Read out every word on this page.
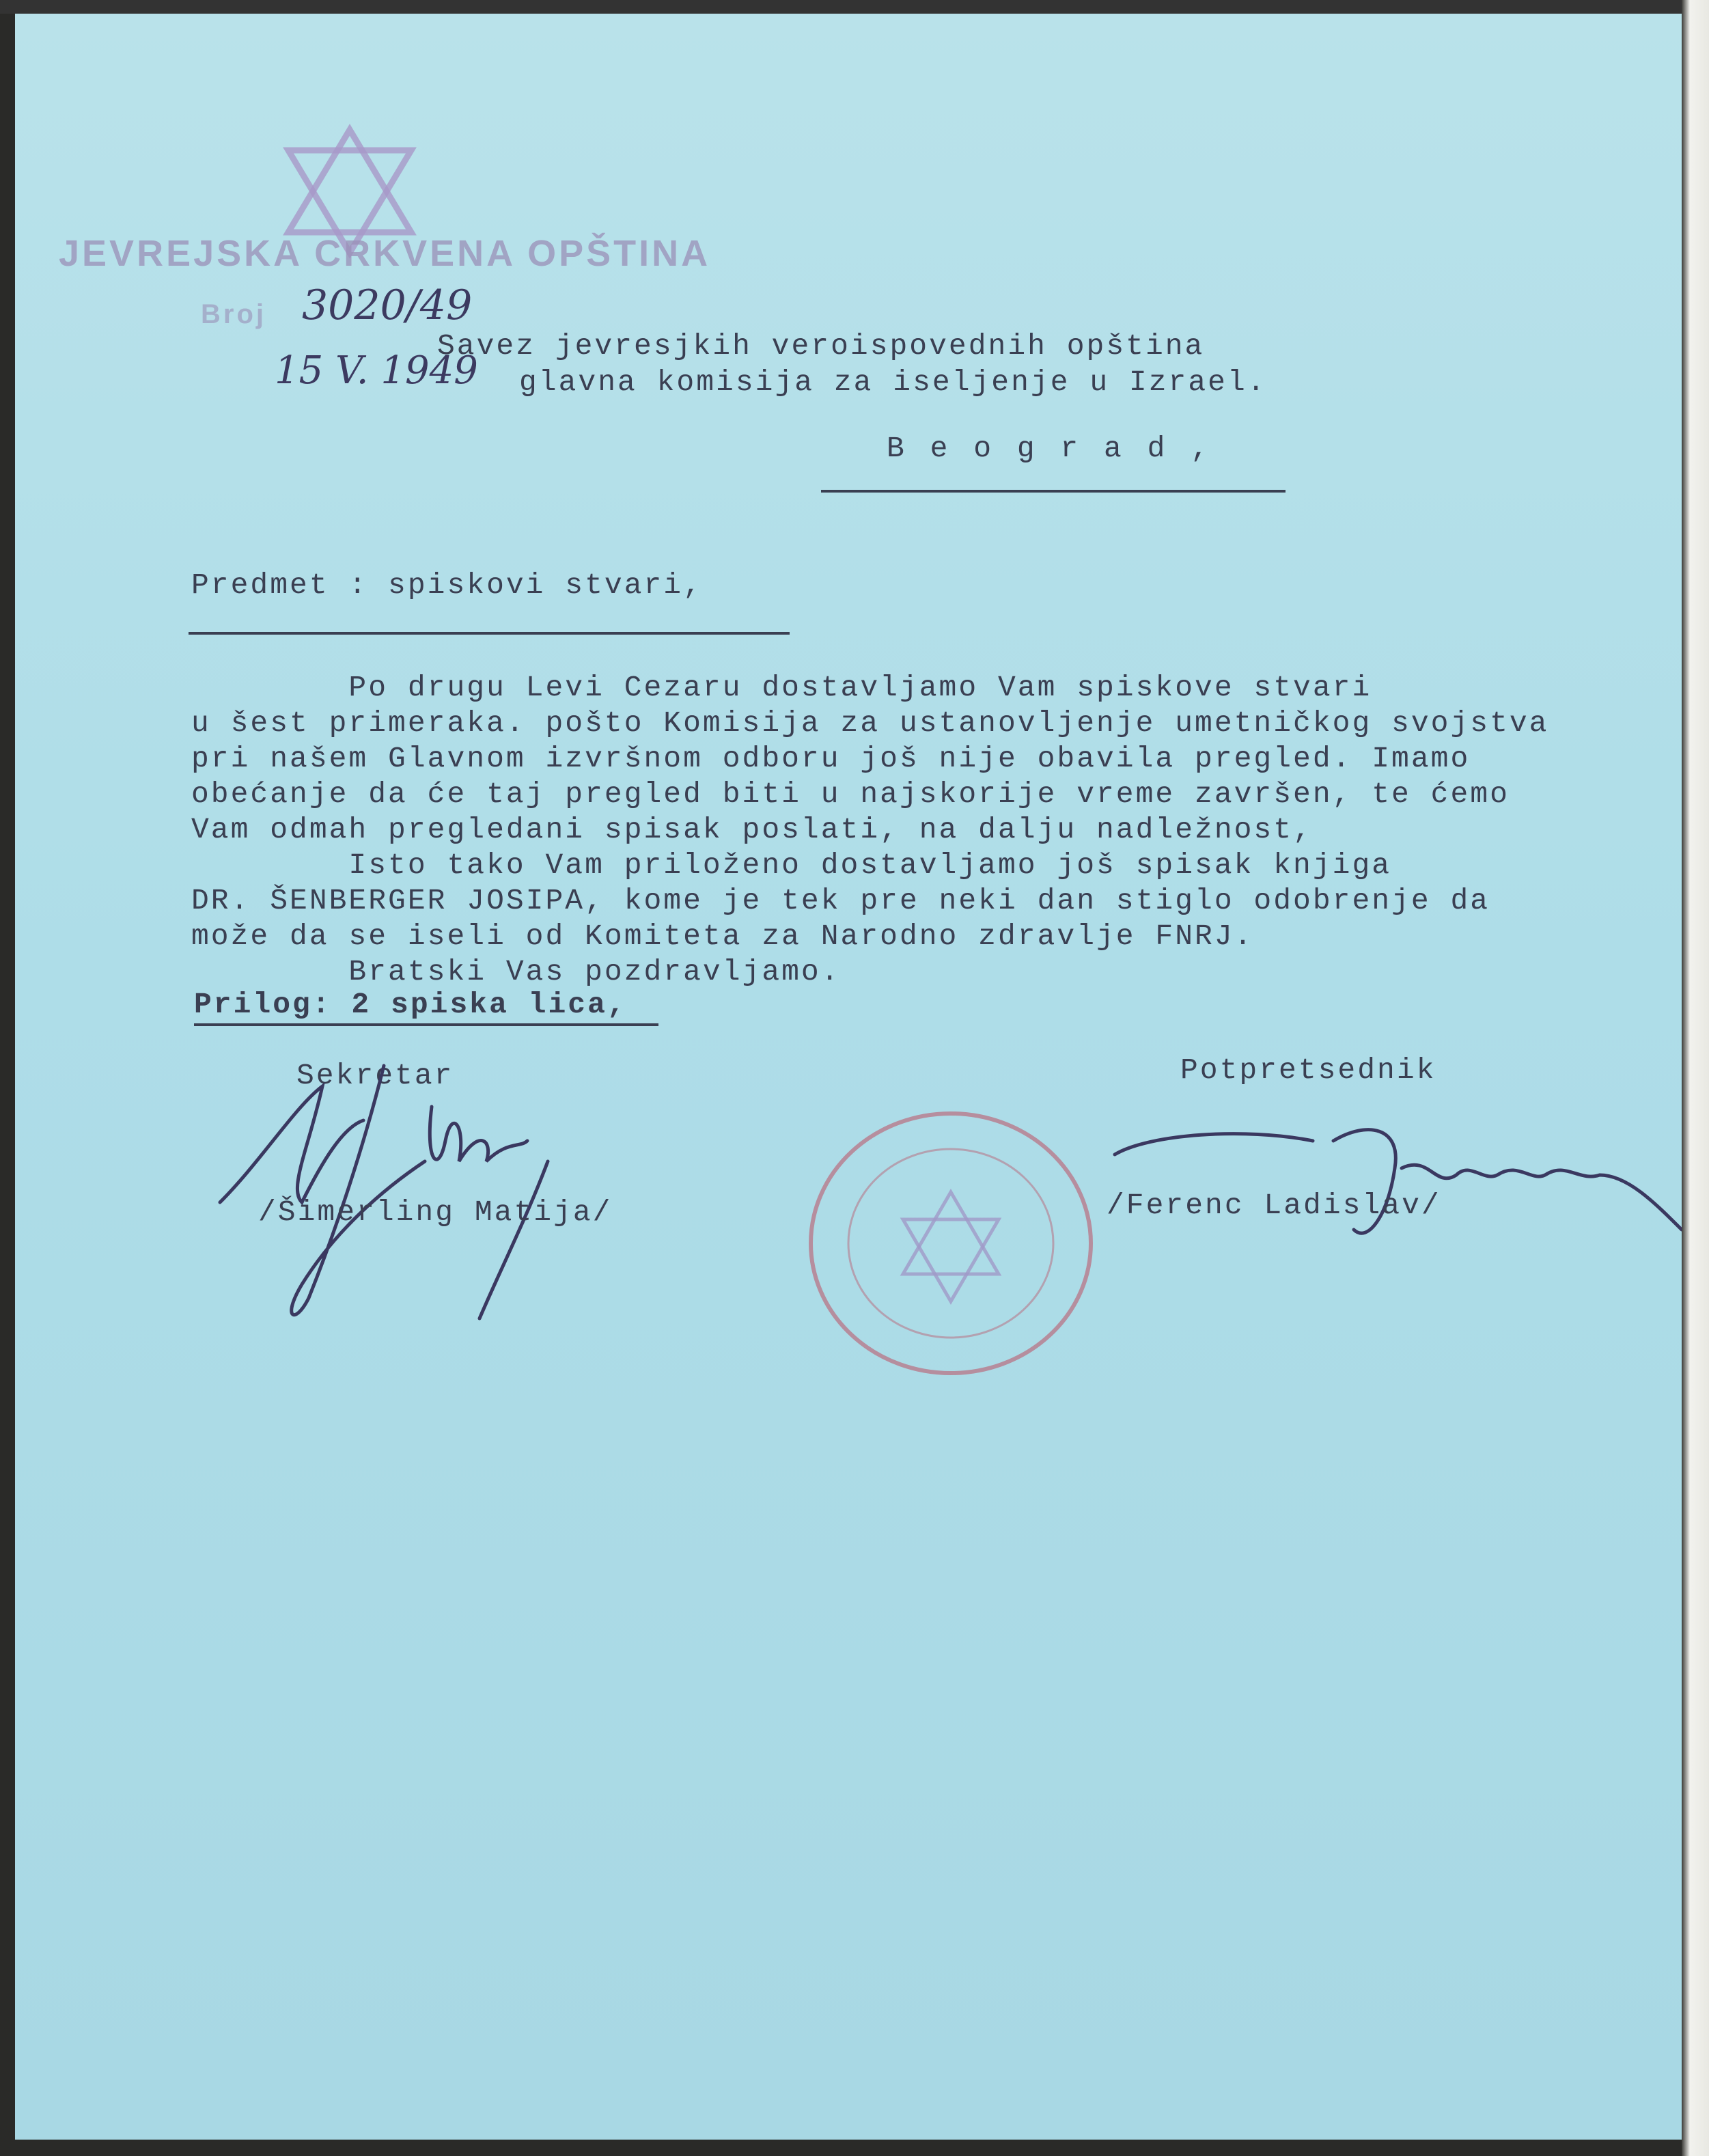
JEVREJSKA CRKVENA OPŠTINA
Broj 3020/49
15 V. 1949
Savez jevresjkih veroispovednih opština
glavna komisija za iseljenje u Izrael.
B e o g r a d ,
Predmet : spiskovi stvari,
Po drugu Levi Cezaru dostavljamo Vam spiskove stvari
u šest primeraka. pošto Komisija za ustanovljenje umetničkog svojstva
pri našem Glavnom izvršnom odboru još nije obavila pregled. Imamo
obećanje da će taj pregled biti u najskorije vreme završen, te ćemo
Vam odmah pregledani spisak poslati, na dalju nadležnost,
Isto tako Vam priloženo dostavljamo još spisak knjiga
DR. ŠENBERGER JOSIPA, kome je tek pre neki dan stiglo odobrenje da
može da se iseli od Komiteta za Narodno zdravlje FNRJ.
Bratski Vas pozdravljamo.
Prilog: 2 spiska lica,
Sekretar
/Šimerling Matija/
Potpretsednik
/Ferenc Ladislav/
